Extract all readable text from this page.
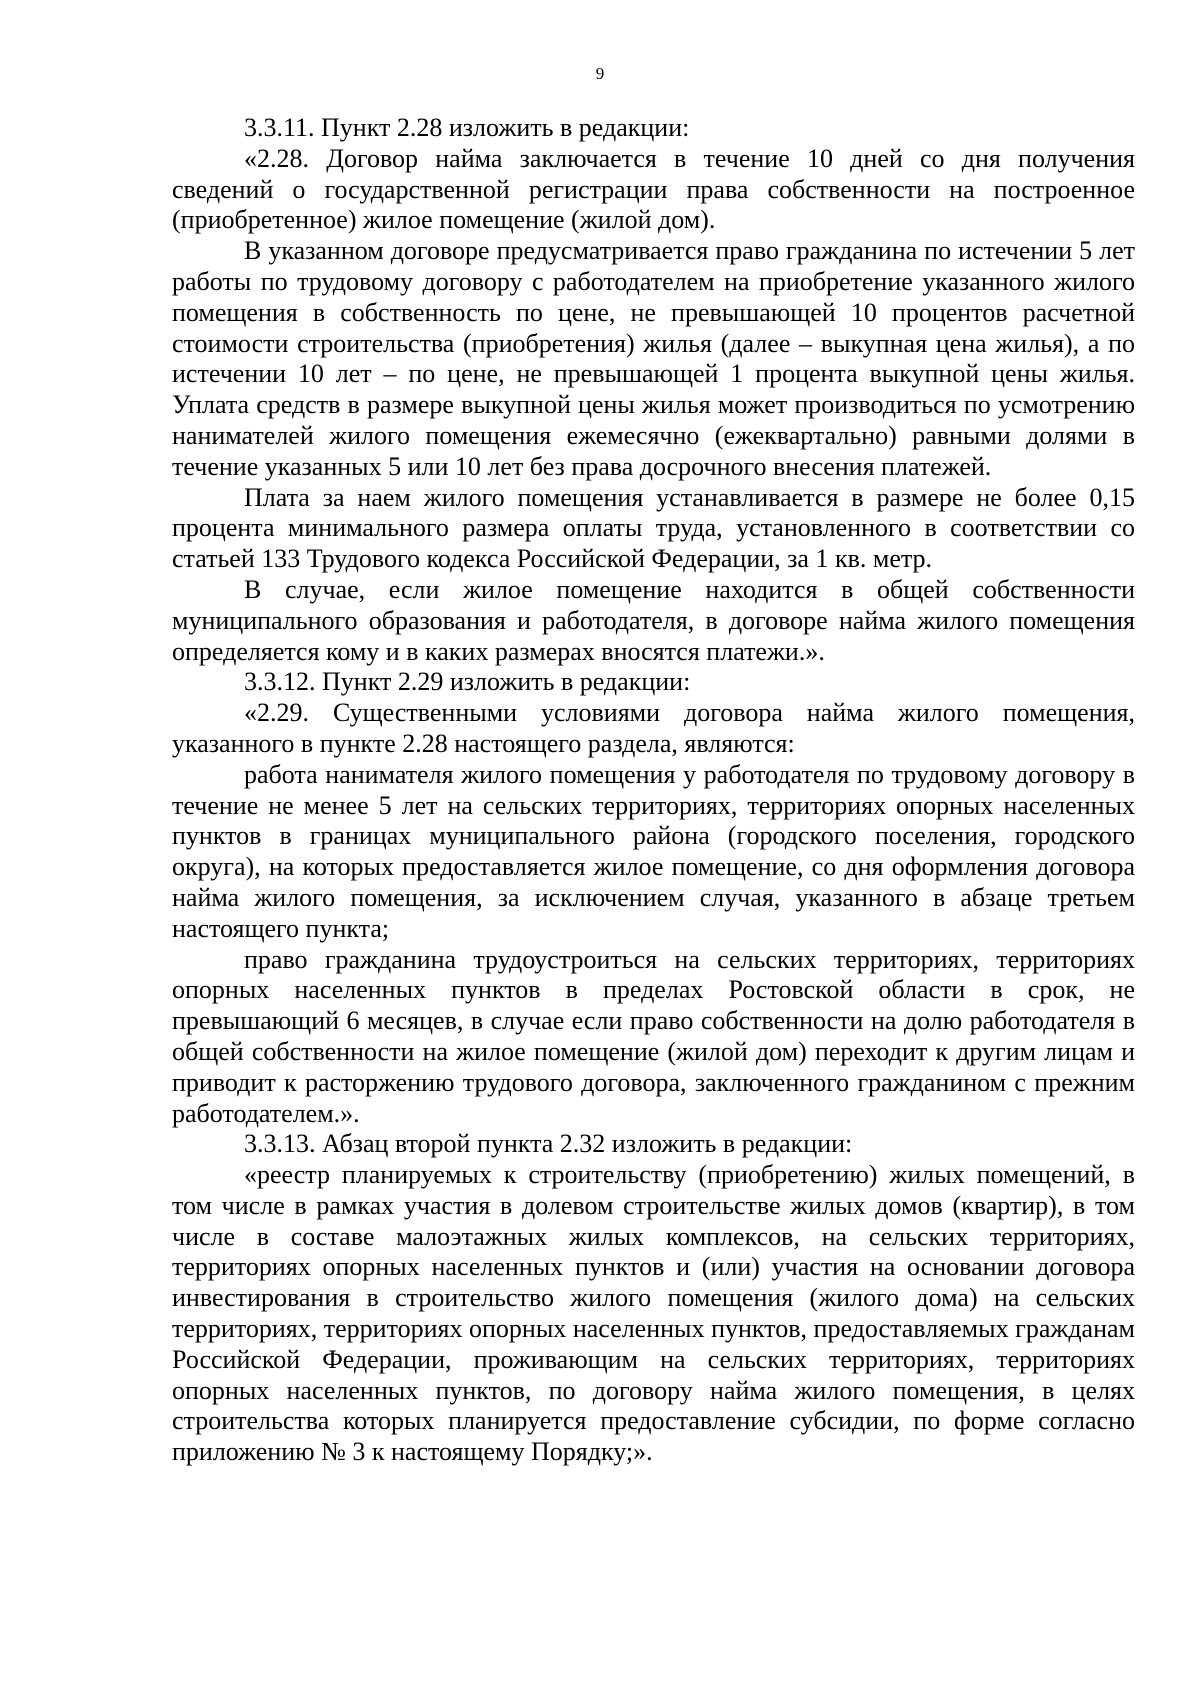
9

3.3.11. Пункт 2.28 изложить в редакции:

«2.28. Договор найма заключается в течение 10 дней со дня получения сведений о государственной регистрации права собственности на построенное (приобретенное) жилое помещение (жилой дом).

В указанном договоре предусматривается право гражданина по истечении 5 лет работы по трудовому договору с работодателем на приобретение указанного жилого помещения в собственность по цене, не превышающей 10 процентов расчетной стоимости строительства (приобретения) жилья (далее – выкупная цена жилья), а по истечении 10 лет – по цене, не превышающей 1 процента выкупной цены жилья. Уплата средств в размере выкупной цены жилья может производиться по усмотрению нанимателей жилого помещения ежемесячно (ежеквартально) равными долями в течение указанных 5 или 10 лет без права досрочного внесения платежей.

Плата за наем жилого помещения устанавливается в размере не более 0,15 процента минимального размера оплаты труда, установленного в соответствии со статьей 133 Трудового кодекса Российской Федерации, за 1 кв. метр.

В случае, если жилое помещение находится в общей собственности муниципального образования и работодателя, в договоре найма жилого помещения определяется кому и в каких размерах вносятся платежи.».

3.3.12. Пункт 2.29 изложить в редакции:

«2.29. Существенными условиями договора найма жилого помещения, указанного в пункте 2.28 настоящего раздела, являются:

работа нанимателя жилого помещения у работодателя по трудовому договору в течение не менее 5 лет на сельских территориях, территориях опорных населенных пунктов в границах муниципального района (городского поселения, городского округа), на которых предоставляется жилое помещение, со дня оформления договора найма жилого помещения, за исключением случая, указанного в абзаце третьем настоящего пункта;

право гражданина трудоустроиться на сельских территориях, территориях опорных населенных пунктов в пределах Ростовской области в срок, не превышающий 6 месяцев, в случае если право собственности на долю работодателя в общей собственности на жилое помещение (жилой дом) переходит к другим лицам и приводит к расторжению трудового договора, заключенного гражданином с прежним работодателем.».

3.3.13. Абзац второй пункта 2.32 изложить в редакции:

«реестр планируемых к строительству (приобретению) жилых помещений, в том числе в рамках участия в долевом строительстве жилых домов (квартир), в том числе в составе малоэтажных жилых комплексов, на сельских территориях, территориях опорных населенных пунктов и (или) участия на основании договора инвестирования в строительство жилого помещения (жилого дома) на сельских территориях, территориях опорных населенных пунктов, предоставляемых гражданам Российской Федерации, проживающим на сельских территориях, территориях опорных населенных пунктов, по договору найма жилого помещения, в целях строительства которых планируется предоставление субсидии, по форме согласно приложению № 3 к настоящему Порядку;».
